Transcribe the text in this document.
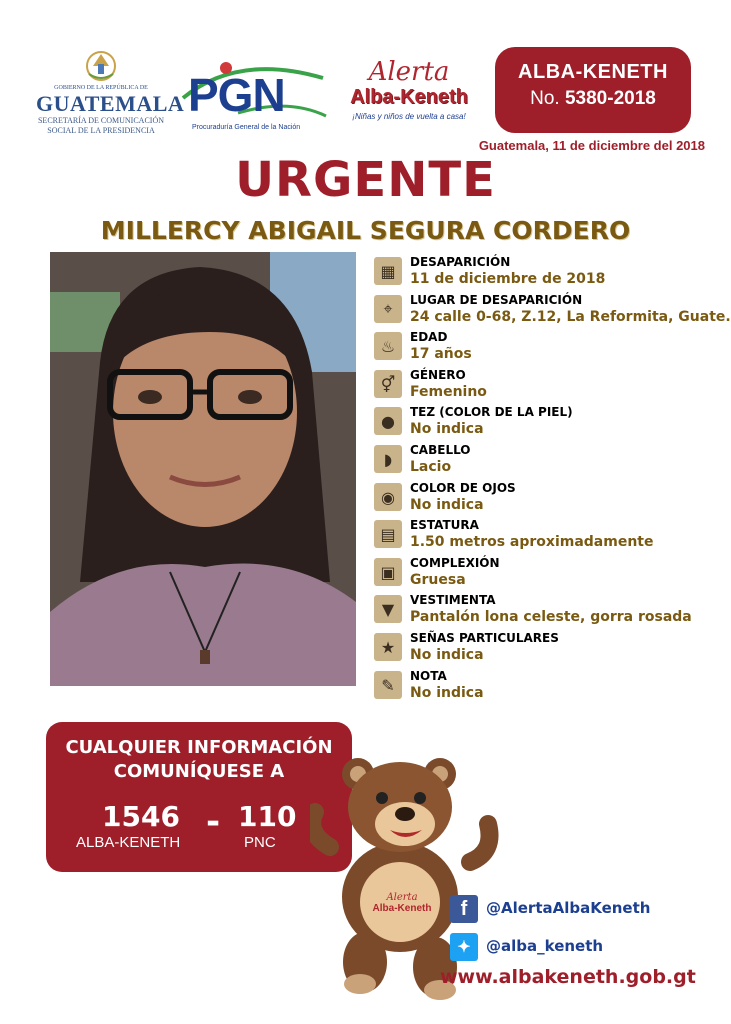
GOBIERNO DE LA REPÚBLICA DE
GUATEMALA
SECRETARÍA DE COMUNICACIÓN
SOCIAL DE LA PRESIDENCIA
PGN
Procuraduría General de la Nación
Alerta
Alba-Keneth
¡Niñas y niños de vuelta a casa!
ALBA-KENETH
No. 5380-2018
Guatemala, 11 de diciembre del 2018
URGENTE
MILLERCY ABIGAIL SEGURA CORDERO
▦	DESAPARICIÓN
11 de diciembre de 2018
⌖	LUGAR DE DESAPARICIÓN
24 calle 0-68, Z.12, La Reformita, Guate.
♨	EDAD
17 años
⚥	GÉNERO
Femenino
●	TEZ (COLOR DE LA PIEL)
No indica
◗	CABELLO
Lacio
◉	COLOR DE OJOS
No indica
▤	ESTATURA
1.50 metros aproximadamente
▣	COMPLEXIÓN
Gruesa
▼	VESTIMENTA
Pantalón lona celeste, gorra rosada
★	SEÑAS PARTICULARES
No indica
✎	NOTA
No indica
CUALQUIER INFORMACIÓN
COMUNÍQUESE A
1546
ALBA-KENETH
- 110
PNC
Alerta
Alba-Keneth	f	@AlertaAlbaKeneth
✦	@alba_keneth
www.albakeneth.gob.gt
